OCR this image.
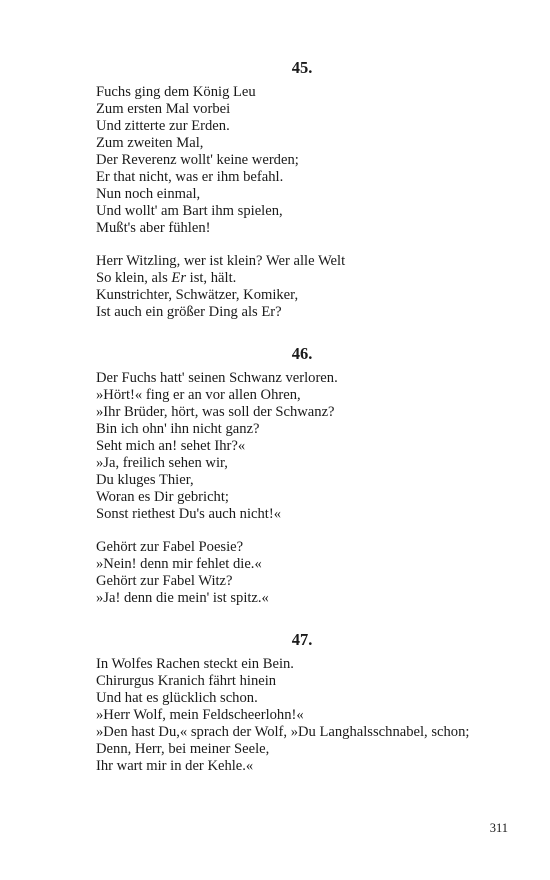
45.
Fuchs ging dem König Leu
Zum ersten Mal vorbei
Und zitterte zur Erden.
Zum zweiten Mal,
Der Reverenz wollt' keine werden;
Er that nicht, was er ihm befahl.
Nun noch einmal,
Und wollt' am Bart ihm spielen,
Mußt's aber fühlen!
Herr Witzling, wer ist klein? Wer alle Welt
So klein, als Er ist, hält.
Kunstrichter, Schwätzer, Komiker,
Ist auch ein größer Ding als Er?
46.
Der Fuchs hatt' seinen Schwanz verloren.
»Hört!« fing er an vor allen Ohren,
»Ihr Brüder, hört, was soll der Schwanz?
Bin ich ohn' ihn nicht ganz?
Seht mich an! sehet Ihr?«
»Ja, freilich sehen wir,
Du kluges Thier,
Woran es Dir gebricht;
Sonst riethest Du's auch nicht!«
Gehört zur Fabel Poesie?
»Nein! denn mir fehlet die.«
Gehört zur Fabel Witz?
»Ja! denn die mein' ist spitz.«
47.
In Wolfes Rachen steckt ein Bein.
Chirurgus Kranich fährt hinein
Und hat es glücklich schon.
»Herr Wolf, mein Feldscheerlohn!«
»Den hast Du,« sprach der Wolf, »Du Langhalsschnabel, schon;
Denn, Herr, bei meiner Seele,
Ihr wart mir in der Kehle.«
311
